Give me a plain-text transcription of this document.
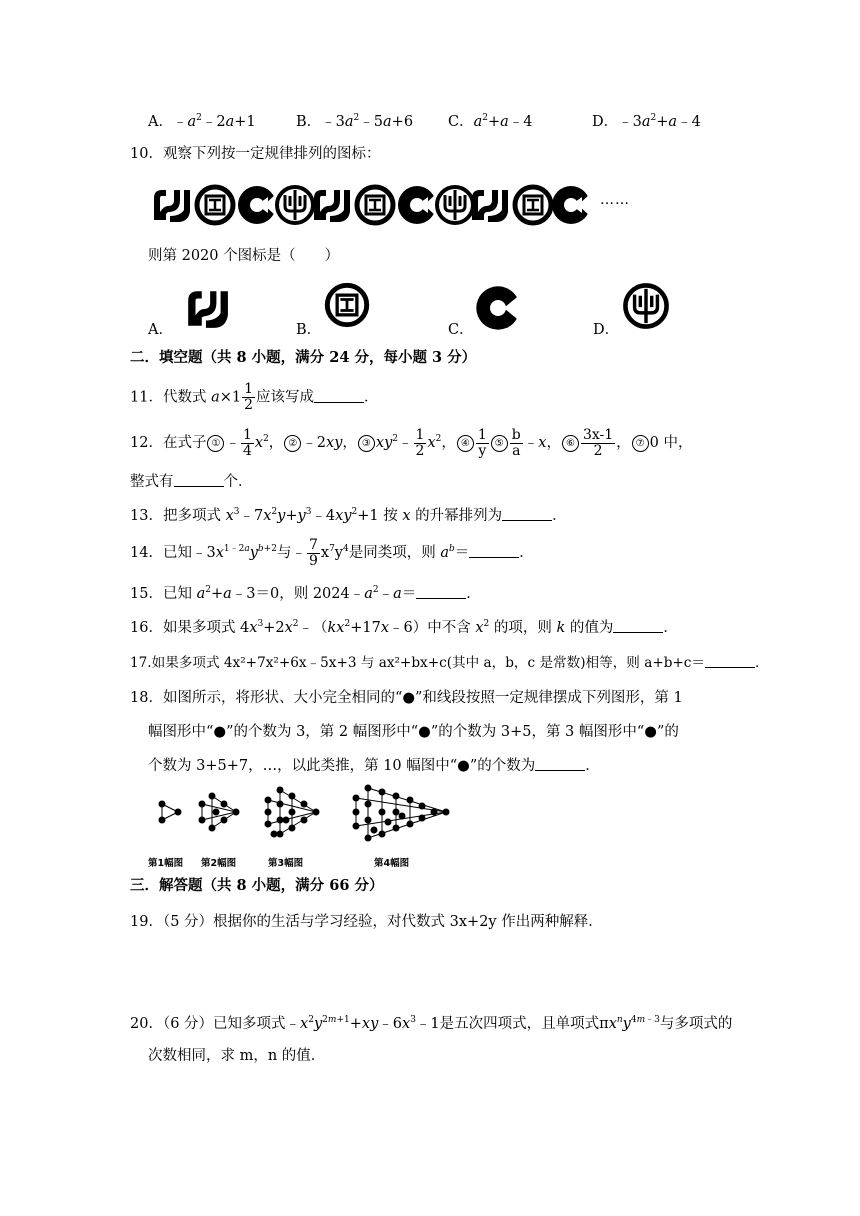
A．$﹣a^2﹣2a+1$	B．$﹣3a^2﹣5a+6$ C．$a^2+a﹣4$	D．$﹣3a^2+a﹣4$
10．观察下列按一定规律排列的图标：
……
则第 2020 个图标是（　　）
A．	B．	C．	D．
二．填空题（共 8 小题，满分 24 分，每小题 3 分）
11．代数式 $a\times 1 \frac{1}{2}$ 应该写成	．
12．在式子 ① ﹣ $\frac{1}{4} x^2$， ② ﹣2xy， ③ $xy^2﹣ \frac{1}{2} x^2$， ④ $\frac{1}{y}$ ⑤ $\frac{b}{a}$ ﹣x， ⑥ $\frac{3x-1}{2}$ ， ⑦ 0 中，
整式有	个．
13．把多项式 $x^3﹣7x^2y+y^3﹣4xy^2+1$ 按 x 的升幂排列为	．
14．已知$﹣3x^{1﹣2a}y^{b+2}$与﹣ $\frac{7}{9} x^7y^4$是同类项，则 $a^b=$	．
15．已知 $a^2+a﹣3=0$，则 $2024﹣a^2﹣a=$	．
16．如果多项式 $4x^3+2x^2﹣(kx^2+17x﹣6)$中不含 $x^2$ 的项，则 k 的值为	．
17.如果多项式 4x²+7x²+6x﹣5x+3 与 ax²+bx+c(其中 a，b，c 是常数)相等，则 a+b+c＝	．
18．如图所示，将形状、大小完全相同的“●”和线段按照一定规律摆成下列图形，第 1
幅图形中“●”的个数为 3，第 2 幅图形中“●”的个数为 3+5，第 3 幅图形中“●”的
个数为 3+5+7，…，以此类推，第 10 幅图中“●”的个数为	．
第1幅图 第2幅图	第3幅图	第4幅图
三．解答题（共 8 小题，满分 66 分）
19．（5 分）根据你的生活与学习经验，对代数式 3x+2y 作出两种解释．
20．（6 分）已知多项式$﹣x^2y^{2m+1}+xy﹣6x^3﹣1$是五次四项式，且单项式$\pi x^ny^{4m﹣3}$与多项式的
次数相同，求 m，n 的值．
